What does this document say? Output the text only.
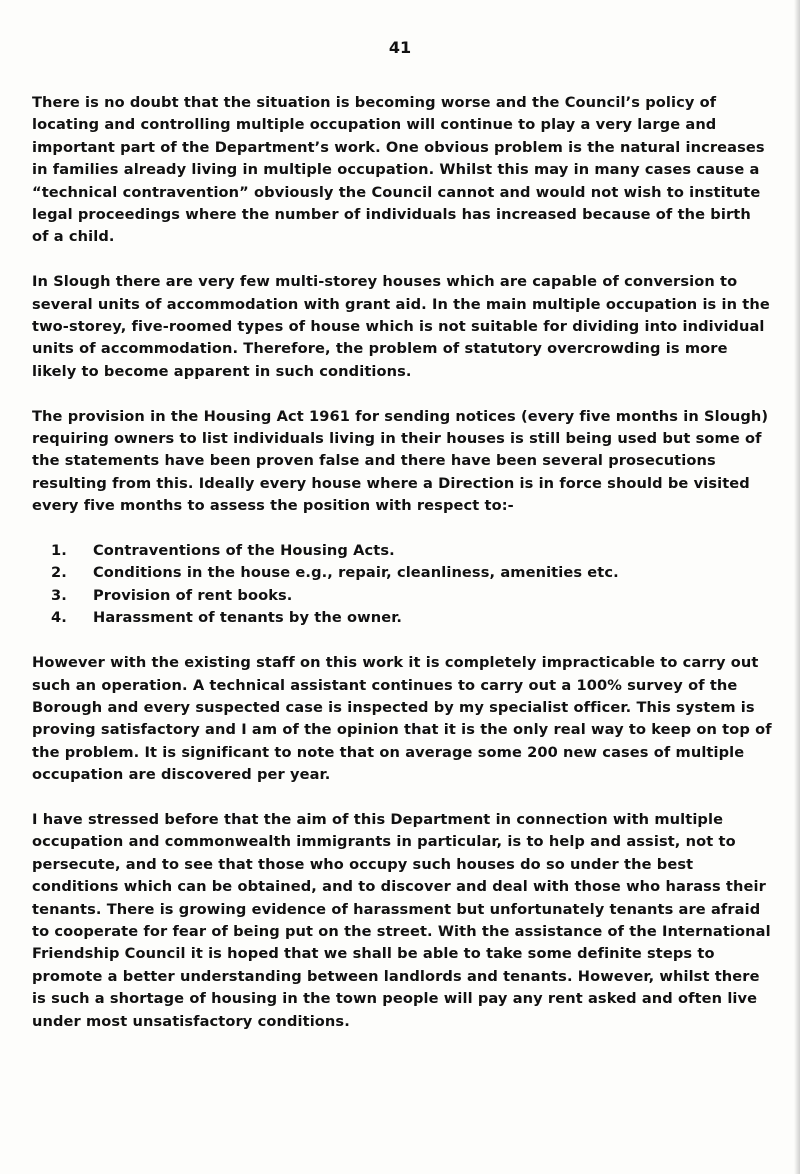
41

There is no doubt that the situation is becoming worse and the Council’s policy of locating and controlling multiple occupation will continue to play a very large and important part of the Department’s work. One obvious problem is the natural increases in families already living in multiple occupation. Whilst this may in many cases cause a “technical contravention” obviously the Council cannot and would not wish to institute legal proceedings where the number of individuals has increased because of the birth of a child.

In Slough there are very few multi-storey houses which are capable of conversion to several units of accommodation with grant aid. In the main multiple occupation is in the two-storey, five-roomed types of house which is not suitable for dividing into individual units of accommodation. Therefore, the problem of statutory overcrowding is more likely to become apparent in such conditions.

The provision in the Housing Act 1961 for sending notices (every five months in Slough) requiring owners to list individuals living in their houses is still being used but some of the statements have been proven false and there have been several prosecutions resulting from this. Ideally every house where a Direction is in force should be visited every five months to assess the position with respect to:-

1.	Contraventions of the Housing Acts.
2.	Conditions in the house e.g., repair, cleanliness, amenities etc.
3.	Provision of rent books.
4.	Harassment of tenants by the owner.

However with the existing staff on this work it is completely impracticable to carry out such an operation. A technical assistant continues to carry out a 100% survey of the Borough and every suspected case is inspected by my specialist officer. This system is proving satisfactory and I am of the opinion that it is the only real way to keep on top of the problem. It is significant to note that on average some 200 new cases of multiple occupation are discovered per year.

I have stressed before that the aim of this Department in connection with multiple occupation and commonwealth immigrants in particular, is to help and assist, not to persecute, and to see that those who occupy such houses do so under the best conditions which can be obtained, and to discover and deal with those who harass their tenants. There is growing evidence of harassment but unfortunately tenants are afraid to cooperate for fear of being put on the street. With the assistance of the International Friendship Council it is hoped that we shall be able to take some definite steps to promote a better understanding between landlords and tenants. However, whilst there is such a shortage of housing in the town people will pay any rent asked and often live under most unsatisfactory conditions.
